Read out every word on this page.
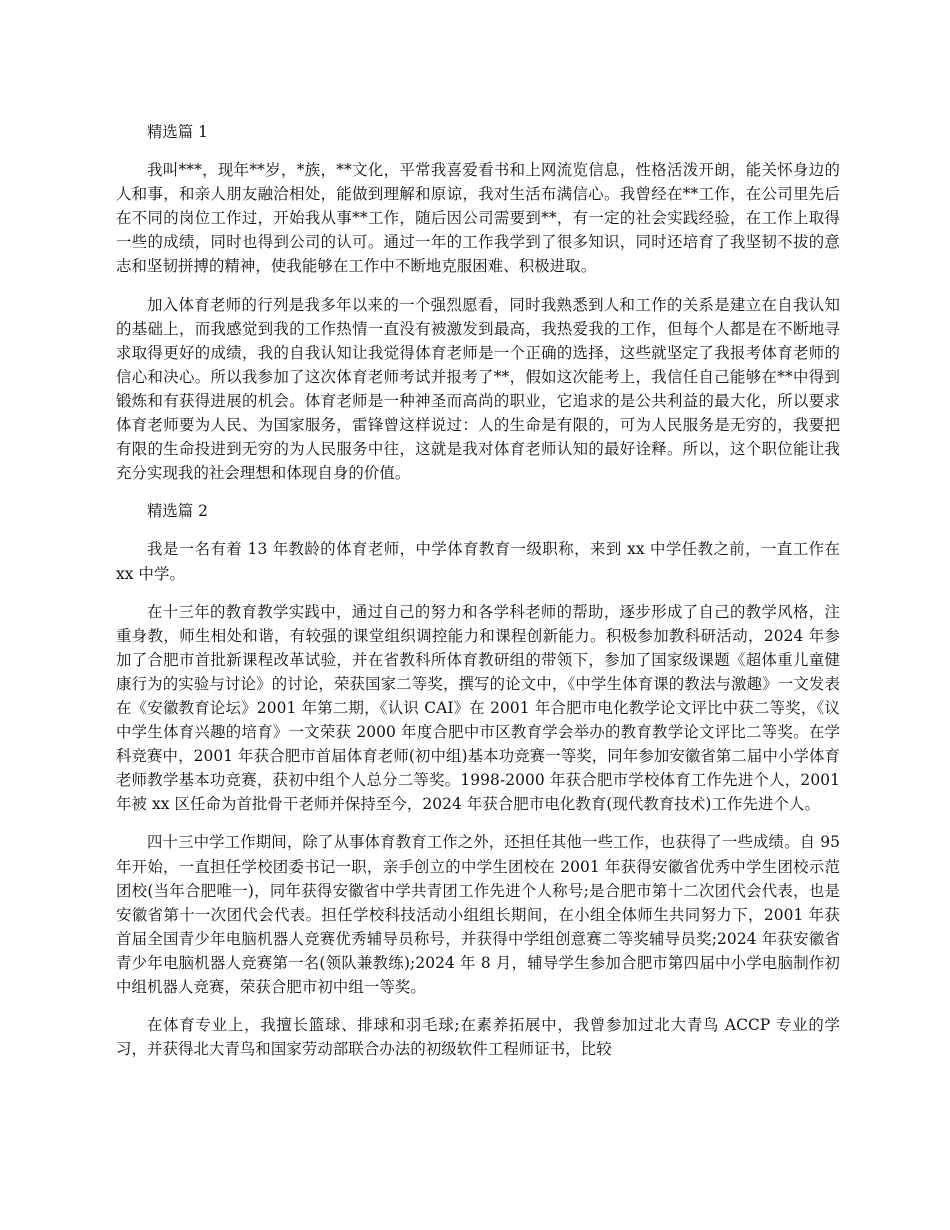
精选篇 1

我叫***，现年**岁，*族，**文化，平常我喜爱看书和上网流览信息，性格活泼开朗，能关怀身边的人和事，和亲人朋友融洽相处，能做到理解和原谅，我对生活布满信心。我曾经在**工作，在公司里先后在不同的岗位工作过，开始我从事**工作，随后因公司需要到**，有一定的社会实践经验，在工作上取得一些的成绩，同时也得到公司的认可。通过一年的工作我学到了很多知识，同时还培育了我坚韧不拔的意志和坚韧拼搏的精神，使我能够在工作中不断地克服困难、积极进取。

加入体育老师的行列是我多年以来的一个强烈愿看，同时我熟悉到人和工作的关系是建立在自我认知的基础上，而我感觉到我的工作热情一直没有被激发到最高，我热爱我的工作，但每个人都是在不断地寻求取得更好的成绩，我的自我认知让我觉得体育老师是一个正确的选择，这些就坚定了我报考体育老师的信心和决心。所以我参加了这次体育老师考试并报考了**，假如这次能考上，我信任自己能够在**中得到锻炼和有获得进展的机会。体育老师是一种神圣而高尚的职业，它追求的是公共利益的最大化，所以要求体育老师要为人民、为国家服务，雷锋曾这样说过：人的生命是有限的，可为人民服务是无穷的，我要把有限的生命投进到无穷的为人民服务中往，这就是我对体育老师认知的最好诠释。所以，这个职位能让我充分实现我的社会理想和体现自身的价值。

精选篇 2

我是一名有着 13 年教龄的体育老师，中学体育教育一级职称，来到 xx 中学任教之前，一直工作在 xx 中学。

在十三年的教育教学实践中，通过自己的努力和各学科老师的帮助，逐步形成了自己的教学风格，注重身教，师生相处和谐，有较强的课堂组织调控能力和课程创新能力。积极参加教科研活动，2024 年参加了合肥市首批新课程改革试验，并在省教科所体育教研组的带领下，参加了国家级课题《超体重儿童健康行为的实验与讨论》的讨论，荣获国家二等奖，撰写的论文中，《中学生体育课的教法与激趣》一文发表在《安徽教育论坛》2001 年第二期，《认识 CAI》在 2001 年合肥市电化教学论文评比中获二等奖，《议中学生体育兴趣的培育》一文荣获 2000 年度合肥中市区教育学会举办的教育教学论文评比二等奖。在学科竞赛中，2001 年获合肥市首届体育老师(初中组)基本功竞赛一等奖，同年参加安徽省第二届中小学体育老师教学基本功竞赛，获初中组个人总分二等奖。1998-2000 年获合肥市学校体育工作先进个人，2001 年被 xx 区任命为首批骨干老师并保持至今，2024 年获合肥市电化教育(现代教育技术)工作先进个人。

四十三中学工作期间，除了从事体育教育工作之外，还担任其他一些工作，也获得了一些成绩。自 95 年开始，一直担任学校团委书记一职，亲手创立的中学生团校在 2001 年获得安徽省优秀中学生团校示范团校(当年合肥唯一)，同年获得安徽省中学共青团工作先进个人称号;是合肥市第十二次团代会代表，也是安徽省第十一次团代会代表。担任学校科技活动小组组长期间，在小组全体师生共同努力下，2001 年获首届全国青少年电脑机器人竞赛优秀辅导员称号，并获得中学组创意赛二等奖辅导员奖;2024 年获安徽省青少年电脑机器人竞赛第一名(领队兼教练);2024 年 8 月，辅导学生参加合肥市第四届中小学电脑制作初中组机器人竞赛，荣获合肥市初中组一等奖。

在体育专业上，我擅长篮球、排球和羽毛球;在素养拓展中，我曾参加过北大青鸟 ACCP 专业的学习，并获得北大青鸟和国家劳动部联合办法的初级软件工程师证书，比较
